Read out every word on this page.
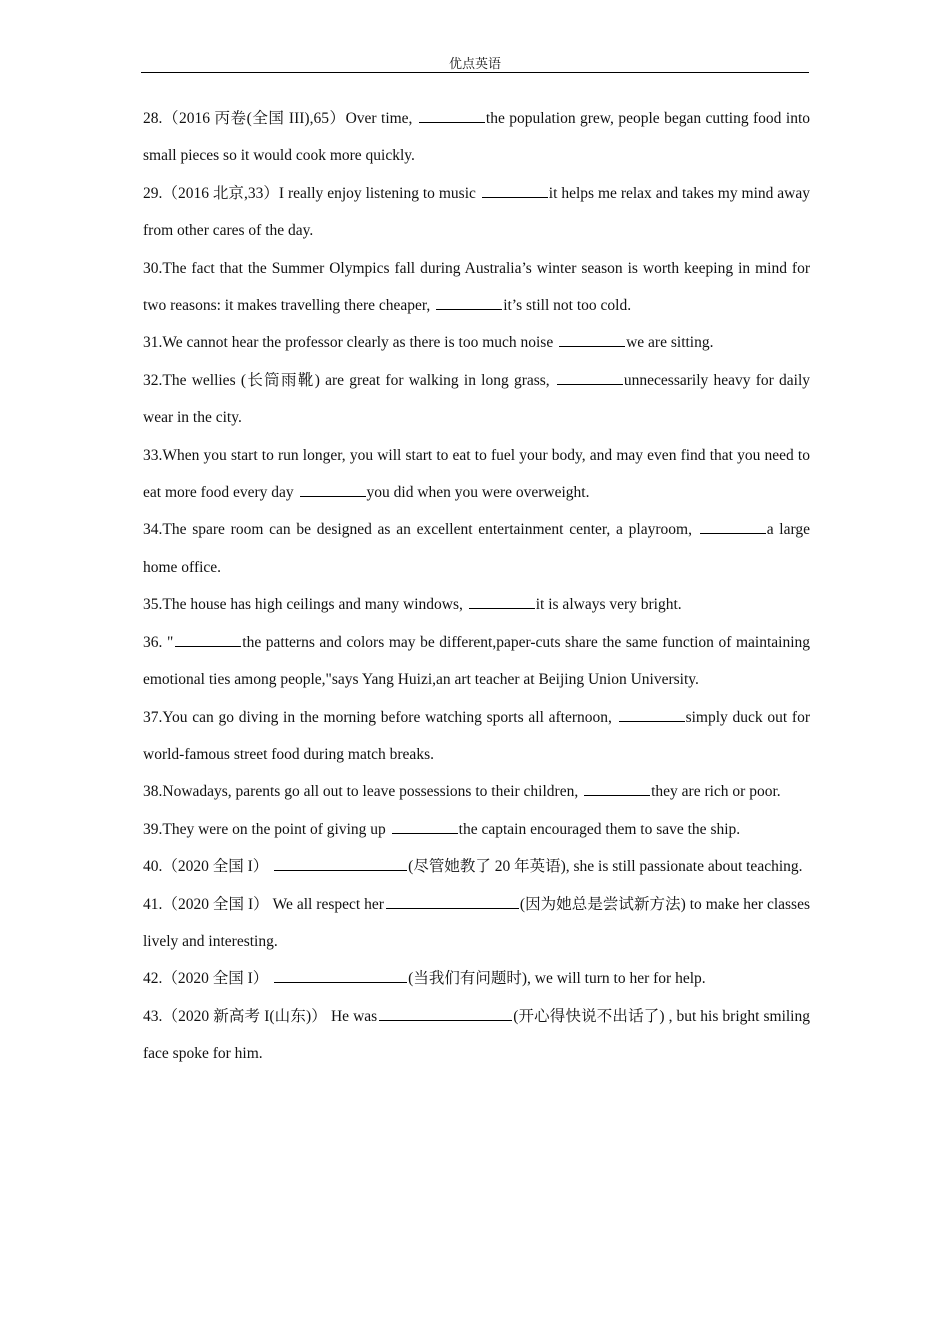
优点英语

28.（2016 丙卷(全国 III),65）Over time,	the population grew, people began cutting food into small pieces so it would cook more quickly.

29.（2016 北京,33）I really enjoy listening to music	it helps me relax and takes my mind away from other cares of the day.

30.The fact that the Summer Olympics fall during Australia’s winter season is worth keeping in mind for two reasons: it makes travelling there cheaper,	it’s still not too cold.

31.We cannot hear the professor clearly as there is too much noise	we are sitting.

32.The wellies (长筒雨靴) are great for walking in long grass,	unnecessarily heavy for daily wear in the city.

33.When you start to run longer, you will start to eat to fuel your body, and may even find that you need to eat more food every day	you did when you were overweight.

34.The spare room can be designed as an excellent entertainment center, a playroom,	a large home office.

35.The house has high ceilings and many windows,	it is always very bright.

36. "	the patterns and colors may be different,paper-cuts share the same function of maintaining emotional ties among people,"says Yang Huizi,an art teacher at Beijing Union University.

37.You can go diving in the morning before watching sports all afternoon,	simply duck out for world-famous street food during match breaks.

38.Nowadays, parents go all out to leave possessions to their children,	they are rich or poor.

39.They were on the point of giving up	the captain encouraged them to save the ship.

40.（2020 全国 I）	(尽管她教了 20 年英语), she is still passionate about teaching.

41.（2020 全国 I） We all respect her	(因为她总是尝试新方法) to make her classes lively and interesting.

42.（2020 全国 I）	(当我们有问题时), we will turn to her for help.

43.（2020 新高考 I(山东)） He was	(开心得快说不出话了) , but his bright smiling face spoke for him.
